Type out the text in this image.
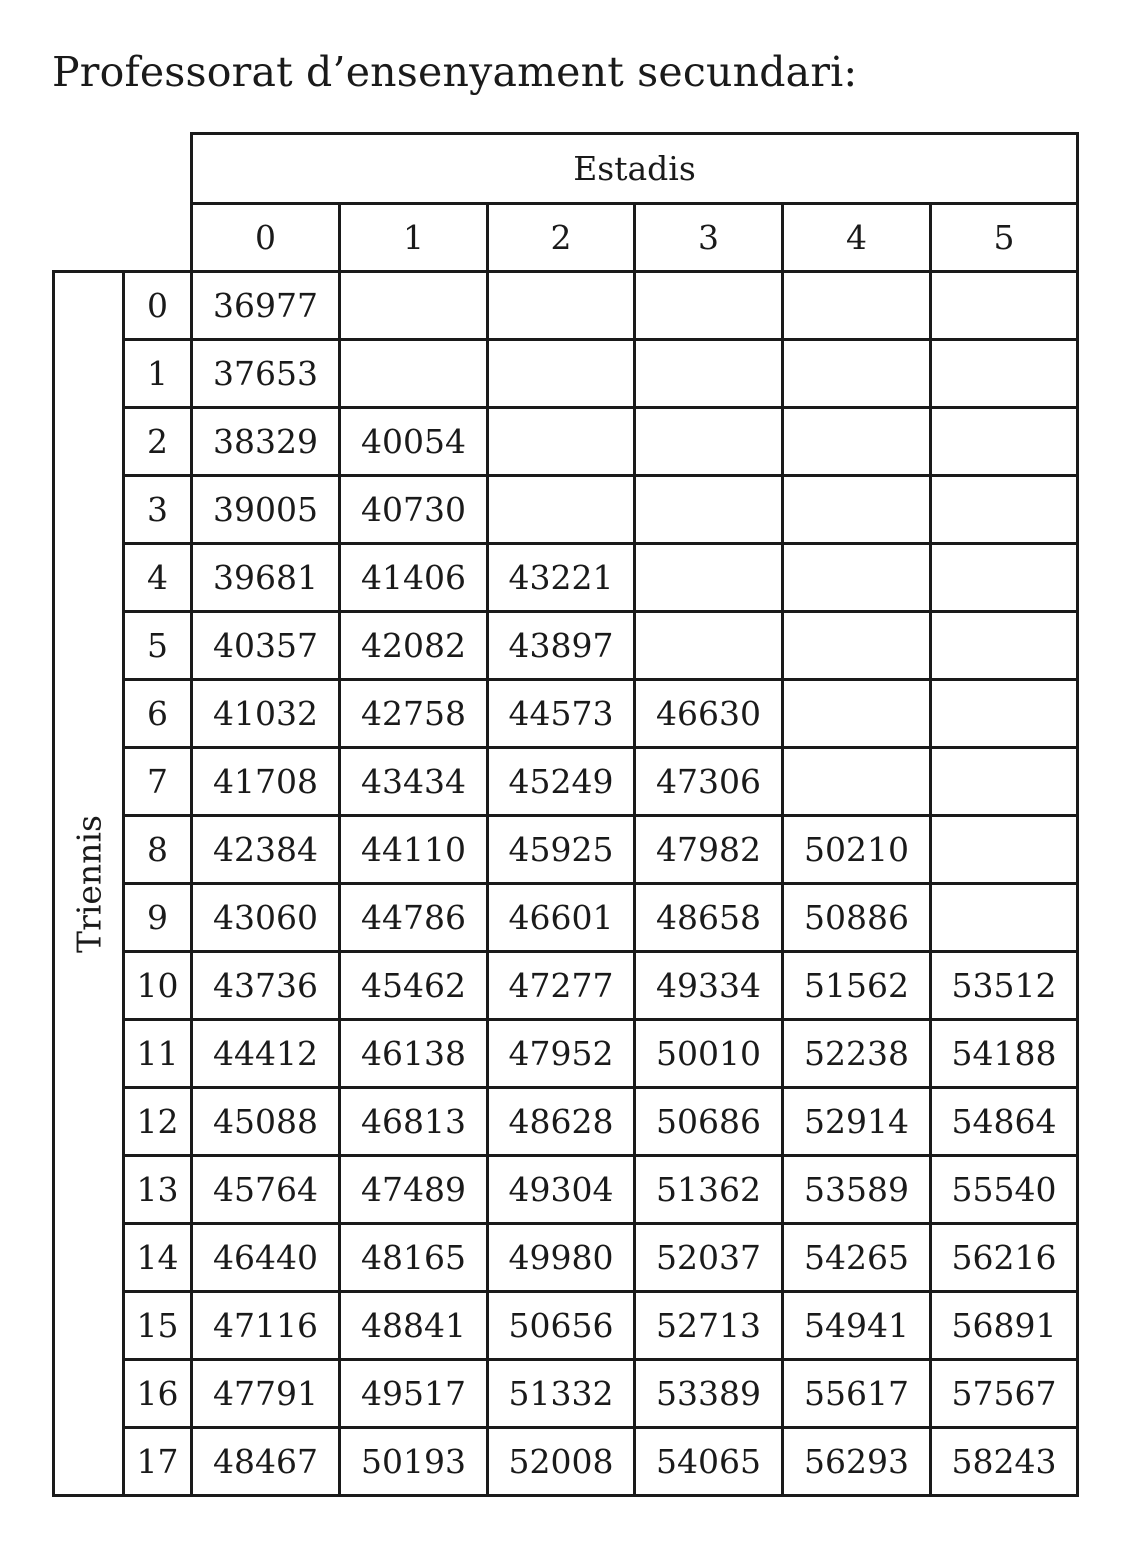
Professorat d’ensenyament secundari:
Estadis
0	1	2	3	4	5
Triennis
0	36977
1	37653
2	38329	40054
3	39005	40730
4	39681	41406	43221
5	40357	42082	43897
6	41032	42758	44573	46630
7	41708	43434	45249	47306
8	42384	44110	45925	47982	50210
9	43060	44786	46601	48658	50886
10	43736	45462	47277	49334	51562	53512
11	44412	46138	47952	50010	52238	54188
12	45088	46813	48628	50686	52914	54864
13	45764	47489	49304	51362	53589	55540
14	46440	48165	49980	52037	54265	56216
15	47116	48841	50656	52713	54941	56891
16	47791	49517	51332	53389	55617	57567
17	48467	50193	52008	54065	56293	58243
